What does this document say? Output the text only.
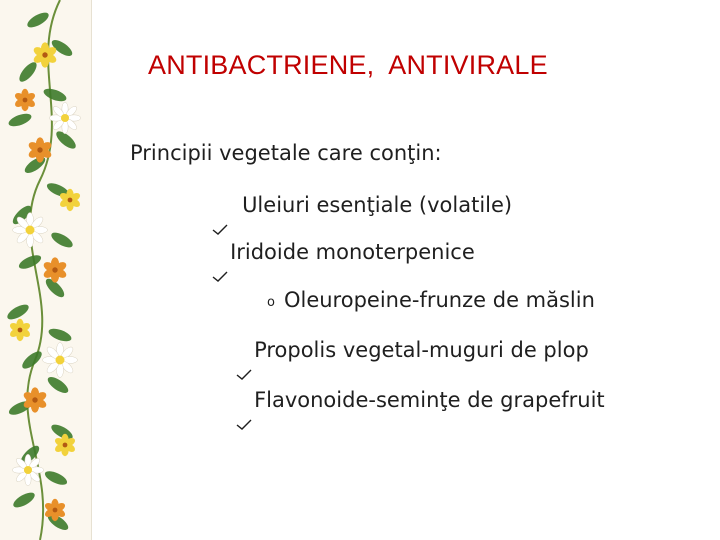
ANTIBACTRIENE,  ANTIVIRALE
Principii vegetale care conţin:

Uleiuri esenţiale (volatile)

Iridoide monoterpenice
o Oleuropeine-frunze de măslin

Propolis vegetal-muguri de plop

Flavonoide-seminţe de grapefruit
